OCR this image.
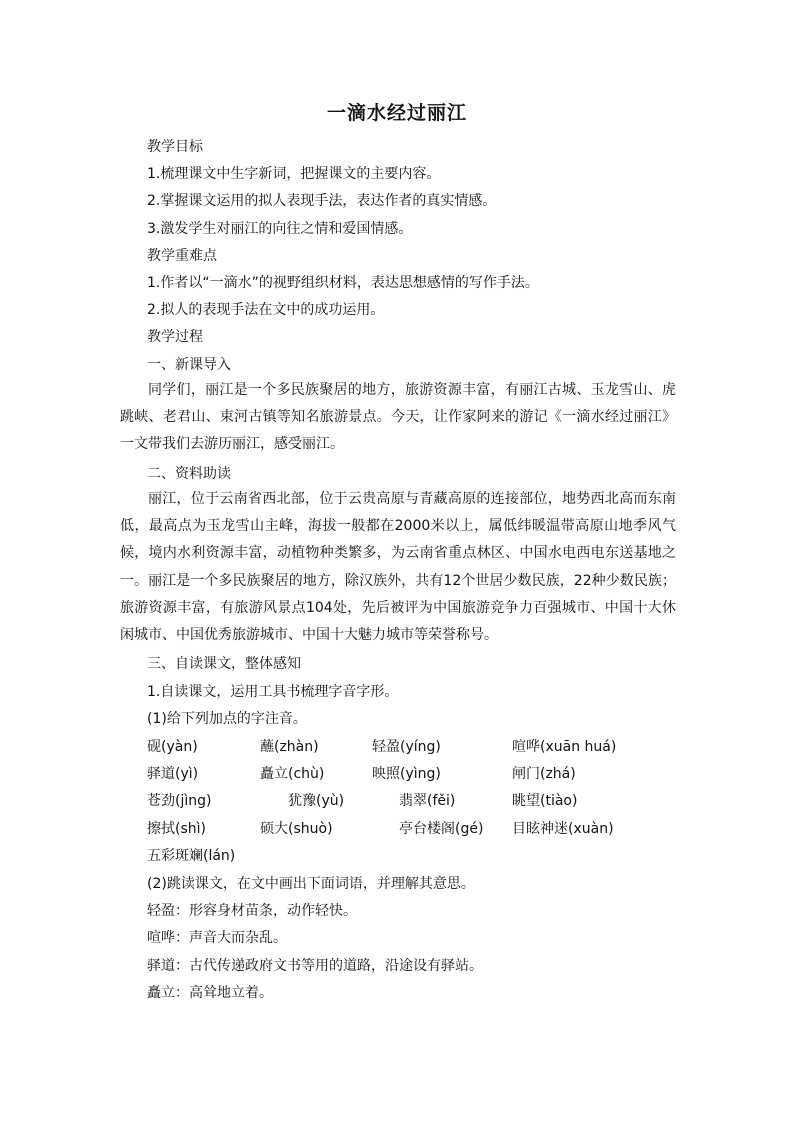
一滴水经过丽江
教学目标
1.梳理课文中生字新词，把握课文的主要内容。
2.掌握课文运用的拟人表现手法，表达作者的真实情感。
3.激发学生对丽江的向往之情和爱国情感。
教学重难点
1.作者以“一滴水”的视野组织材料，表达思想感情的写作手法。
2.拟人的表现手法在文中的成功运用。
教学过程
一、新课导入
同学们，丽江是一个多民族聚居的地方，旅游资源丰富，有丽江古城、玉龙雪山、虎跳峡、老君山、束河古镇等知名旅游景点。今天，让作家阿来的游记《一滴水经过丽江》一文带我们去游历丽江，感受丽江。
二、资料助读
丽江，位于云南省西北部，位于云贵高原与青藏高原的连接部位，地势西北高而东南低，最高点为玉龙雪山主峰，海拔一般都在2000米以上，属低纬暖温带高原山地季风气候，境内水利资源丰富，动植物种类繁多，为云南省重点林区、中国水电西电东送基地之一。丽江是一个多民族聚居的地方，除汉族外，共有12个世居少数民族，22种少数民族；旅游资源丰富，有旅游风景点104处，先后被评为中国旅游竞争力百强城市、中国十大休闲城市、中国优秀旅游城市、中国十大魅力城市等荣誉称号。
三、自读课文，整体感知
1.自读课文，运用工具书梳理字音字形。
(1)给下列加点的字注音。
砚(yàn)	蘸(zhàn)	轻盈(yíng)	喧哗(xuān huá)
驿道(yì)	矗立(chù)	映照(yìng)	闸门(zhá)
苍劲(jìng)	犹豫(yù)	翡翠(fěi)	眺望(tiào)
擦拭(shì)	硕大(shuò)	亭台楼阁(gé) 目眩神迷(xuàn)
五彩斑斓(lán)
(2)跳读课文，在文中画出下面词语，并理解其意思。
轻盈：形容身材苗条，动作轻快。
喧哗：声音大而杂乱。
驿道：古代传递政府文书等用的道路，沿途设有驿站。
矗立：高耸地立着。
